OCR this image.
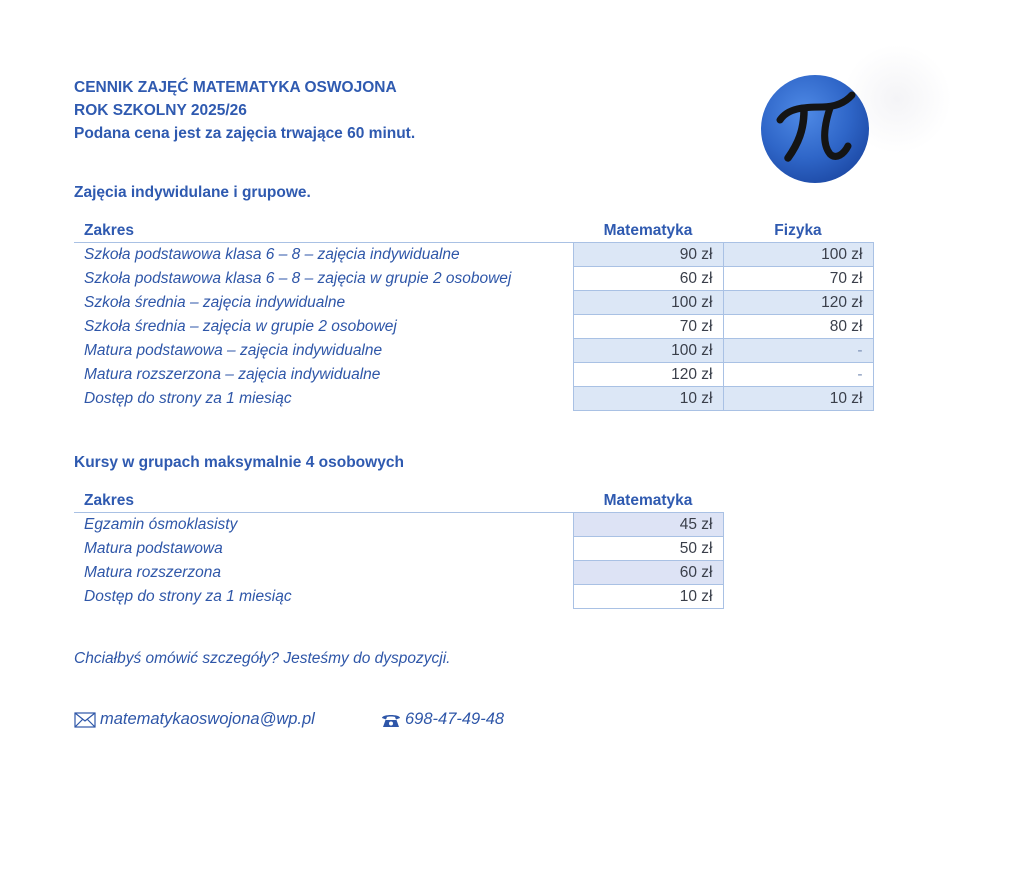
CENNIK ZAJĘĆ MATEMATYKA OSWOJONA
ROK SZKOLNY 2025/26
Podana cena jest za zajęcia trwające 60 minut.
Zajęcia indywidulane i grupowe.
Zakres	Matematyka	Fizyka
Szkoła podstawowa klasa 6 – 8 – zajęcia indywidualne	90 zł	100 zł
Szkoła podstawowa klasa 6 – 8 – zajęcia w grupie 2 osobowej	60 zł	70 zł
Szkoła średnia – zajęcia indywidualne	100 zł	120 zł
Szkoła średnia – zajęcia w grupie 2 osobowej	70 zł	80 zł
Matura podstawowa – zajęcia indywidualne	100 zł	-
Matura rozszerzona – zajęcia indywidualne	120 zł	-
Dostęp do strony za 1 miesiąc	10 zł	10 zł
Kursy w grupach maksymalnie 4 osobowych
Zakres	Matematyka
Egzamin ósmoklasisty	45 zł
Matura podstawowa	50 zł
Matura rozszerzona	60 zł
Dostęp do strony za 1 miesiąc	10 zł
Chciałbyś omówić szczegóły? Jesteśmy do dyspozycji.
matematykaoswojona@wp.pl	698-47-49-48
